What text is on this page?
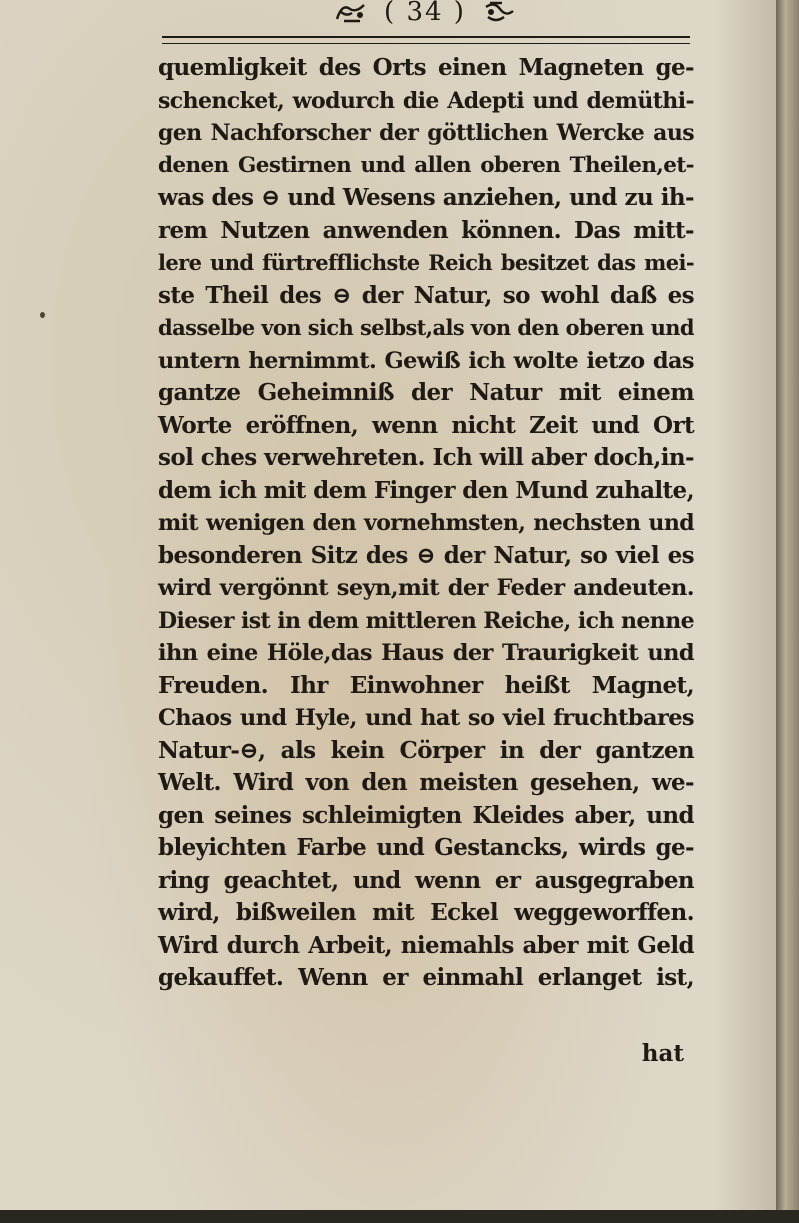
( 34 )
quemligkeit des Orts einen Magneten ge-
schencket, wodurch die Adepti und demüthi-
gen Nachforscher der göttlichen Wercke aus
denen Gestirnen und allen oberen Theilen,et-
was des ⊖ und Wesens anziehen, und zu ih-
rem Nutzen anwenden können. Das mitt-
lere und fürtrefflichste Reich besitzet das mei-
ste Theil des ⊖ der Natur, so wohl daß es
dasselbe von sich selbst,als von den oberen und
untern hernimmt. Gewiß ich wolte ietzo das
gantze Geheimniß der Natur mit einem
Worte eröffnen, wenn nicht Zeit und Ort
sol ches verwehreten. Ich will aber doch,in-
dem ich mit dem Finger den Mund zuhalte,
mit wenigen den vornehmsten, nechsten und
besonderen Sitz des ⊖ der Natur, so viel es
wird vergönnt seyn,mit der Feder andeuten.
Dieser ist in dem mittleren Reiche, ich nenne
ihn eine Höle,das Haus der Traurigkeit und
Freuden. Ihr Einwohner heißt Magnet,
Chaos und Hyle, und hat so viel fruchtbares
Natur-⊖, als kein Cörper in der gantzen
Welt. Wird von den meisten gesehen, we-
gen seines schleimigten Kleides aber, und
bleyichten Farbe und Gestancks, wirds ge-
ring geachtet, und wenn er ausgegraben
wird, bißweilen mit Eckel weggeworffen.
Wird durch Arbeit, niemahls aber mit Geld
gekauffet. Wenn er einmahl erlanget ist,
hat
